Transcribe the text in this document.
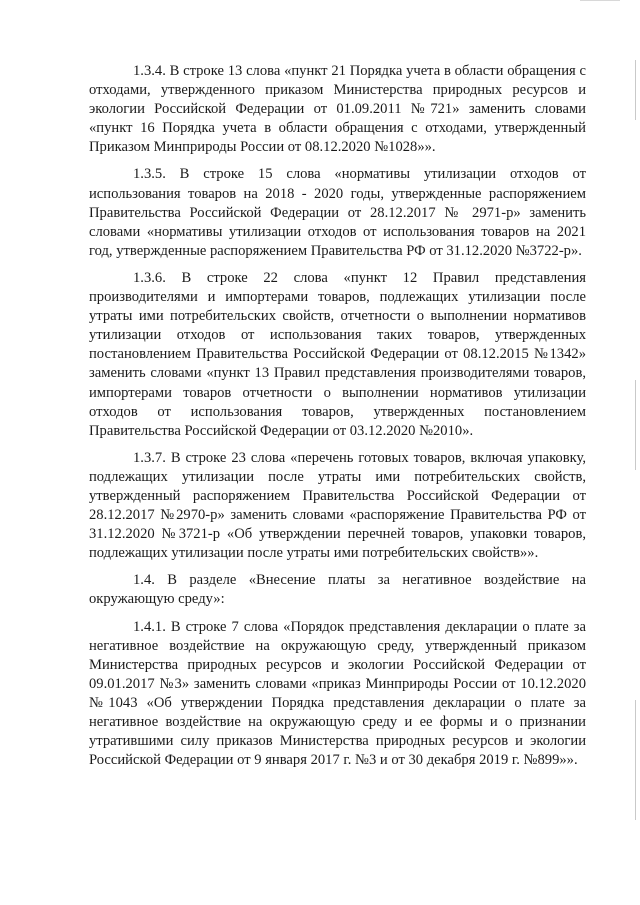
1.3.4. В строке 13 слова «пункт 21 Порядка учета в области обращения с отходами, утвержденного приказом Министерства природных ресурсов и экологии Российской Федерации от 01.09.2011 №721» заменить словами «пункт 16 Порядка учета в области обращения с отходами, утвержденный Приказом Минприроды России от 08.12.2020 №1028»».

1.3.5. В строке 15 слова «нормативы утилизации отходов от использования товаров на 2018 - 2020 годы, утвержденные распоряжением Правительства Российской Федерации от 28.12.2017 № 2971-р» заменить словами «нормативы утилизации отходов от использования товаров на 2021 год, утвержденные распоряжением Правительства РФ от 31.12.2020 №3722-р».

1.3.6. В строке 22 слова «пункт 12 Правил представления производителями и импортерами товаров, подлежащих утилизации после утраты ими потребительских свойств, отчетности о выполнении нормативов утилизации отходов от использования таких товаров, утвержденных постановлением Правительства Российской Федерации от 08.12.2015 №1342» заменить словами «пункт 13 Правил представления производителями товаров, импортерами товаров отчетности о выполнении нормативов утилизации отходов от использования товаров, утвержденных постановлением Правительства Российской Федерации от 03.12.2020 №2010».

1.3.7. В строке 23 слова «перечень готовых товаров, включая упаковку, подлежащих утилизации после утраты ими потребительских свойств, утвержденный распоряжением Правительства Российской Федерации от 28.12.2017 №2970-р» заменить словами «распоряжение Правительства РФ от 31.12.2020 №3721-р «Об утверждении перечней товаров, упаковки товаров, подлежащих утилизации после утраты ими потребительских свойств»».

1.4. В разделе «Внесение платы за негативное воздействие на окружающую среду»:

1.4.1. В строке 7 слова «Порядок представления декларации о плате за негативное воздействие на окружающую среду, утвержденный приказом Министерства природных ресурсов и экологии Российской Федерации от 09.01.2017 №3» заменить словами «приказ Минприроды России от 10.12.2020 №1043 «Об утверждении Порядка представления декларации о плате за негативное воздействие на окружающую среду и ее формы и о признании утратившими силу приказов Министерства природных ресурсов и экологии Российской Федерации от 9 января 2017 г. №3 и от 30 декабря 2019 г. №899»».
